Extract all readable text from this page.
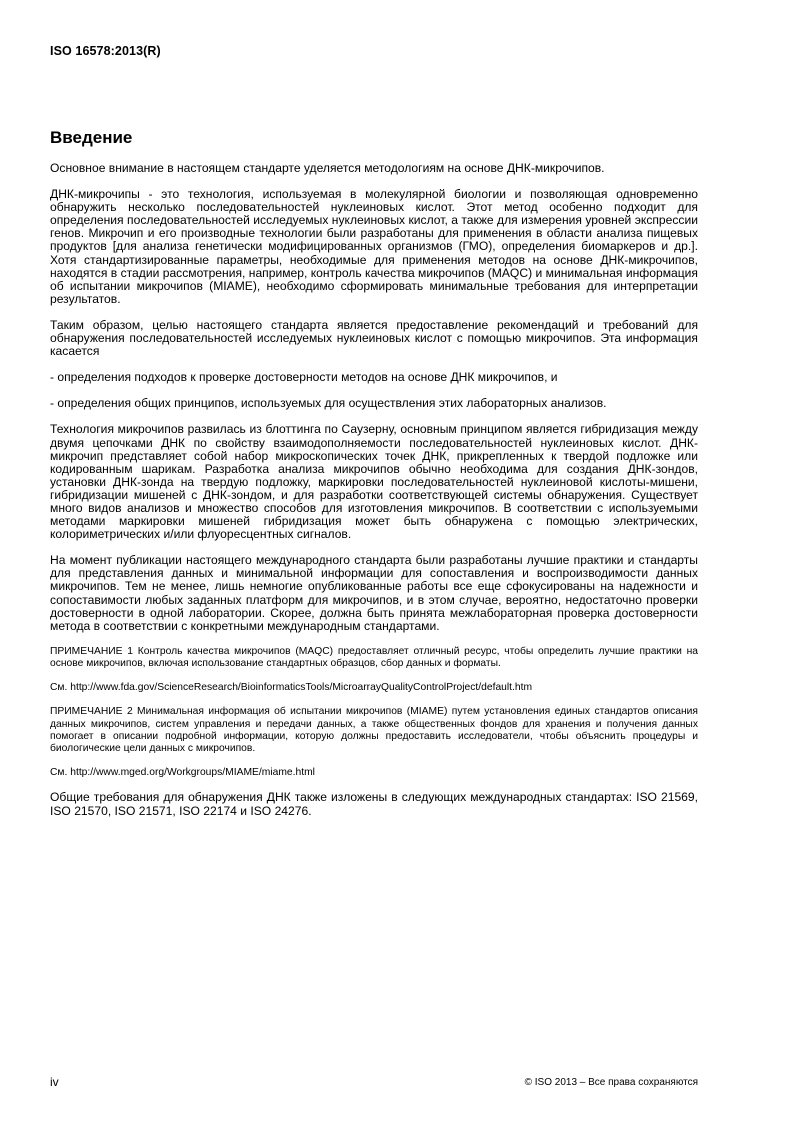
ISO 16578:2013(R)
Введение

Основное внимание в настоящем стандарте уделяется методологиям на основе ДНК-микрочипов.

ДНК-микрочипы - это технология, используемая в молекулярной биологии и позволяющая одновременно обнаружить несколько последовательностей нуклеиновых кислот. Этот метод особенно подходит для определения последовательностей исследуемых нуклеиновых кислот, а также для измерения уровней экспрессии генов. Микрочип и его производные технологии были разработаны для применения в области анализа пищевых продуктов [для анализа генетически модифицированных организмов (ГМО), определения биомаркеров и др.]. Хотя стандартизированные параметры, необходимые для применения методов на основе ДНК-микрочипов, находятся в стадии рассмотрения, например, контроль качества микрочипов (MAQC) и минимальная информация об испытании микрочипов (MIAME), необходимо сформировать минимальные требования для интерпретации результатов.

Таким образом, целью настоящего стандарта является предоставление рекомендаций и требований для обнаружения последовательностей исследуемых нуклеиновых кислот с помощью микрочипов. Эта информация касается

- определения подходов к проверке достоверности методов на основе ДНК микрочипов, и

- определения общих принципов, используемых для осуществления этих лабораторных анализов.

Технология микрочипов развилась из блоттинга по Саузерну, основным принципом является гибридизация между двумя цепочками ДНК по свойству взаимодополняемости последовательностей нуклеиновых кислот. ДНК-микрочип представляет собой набор микроскопических точек ДНК, прикрепленных к твердой подложке или кодированным шарикам. Разработка анализа микрочипов обычно необходима для создания ДНК-зондов, установки ДНК-зонда на твердую подложку, маркировки последовательностей нуклеиновой кислоты-мишени, гибридизации мишеней с ДНК-зондом, и для разработки соответствующей системы обнаружения. Существует много видов анализов и множество способов для изготовления микрочипов. В соответствии с используемыми методами маркировки мишеней гибридизация может быть обнаружена с помощью электрических, колориметрических и/или флуоресцентных сигналов.

На момент публикации настоящего международного стандарта были разработаны лучшие практики и стандарты для представления данных и минимальной информации для сопоставления и воспроизводимости данных микрочипов. Тем не менее, лишь немногие опубликованные работы все еще сфокусированы на надежности и сопоставимости любых заданных платформ для микрочипов, и в этом случае, вероятно, недостаточно проверки достоверности в одной лаборатории. Скорее, должна быть принята межлабораторная проверка достоверности метода в соответствии с конкретными международным стандартами.

ПРИМЕЧАНИЕ 1 Контроль качества микрочипов (MAQC) предоставляет отличный ресурс, чтобы определить лучшие практики на основе микрочипов, включая использование стандартных образцов, сбор данных и форматы.

См. http://www.fda.gov/ScienceResearch/BioinformaticsTools/MicroarrayQualityControlProject/default.htm

ПРИМЕЧАНИЕ 2 Минимальная информация об испытании микрочипов (MIAME) путем установления единых стандартов описания данных микрочипов, систем управления и передачи данных, а также общественных фондов для хранения и получения данных помогает в описании подробной информации, которую должны предоставить исследователи, чтобы объяснить процедуры и биологические цели данных с микрочипов.

См. http://www.mged.org/Workgroups/MIAME/miame.html

Общие требования для обнаружения ДНК также изложены в следующих международных стандартах: ISO 21569, ISO 21570, ISO 21571, ISO 22174 и ISO 24276.

iv	© ISO 2013 – Все права сохраняются
